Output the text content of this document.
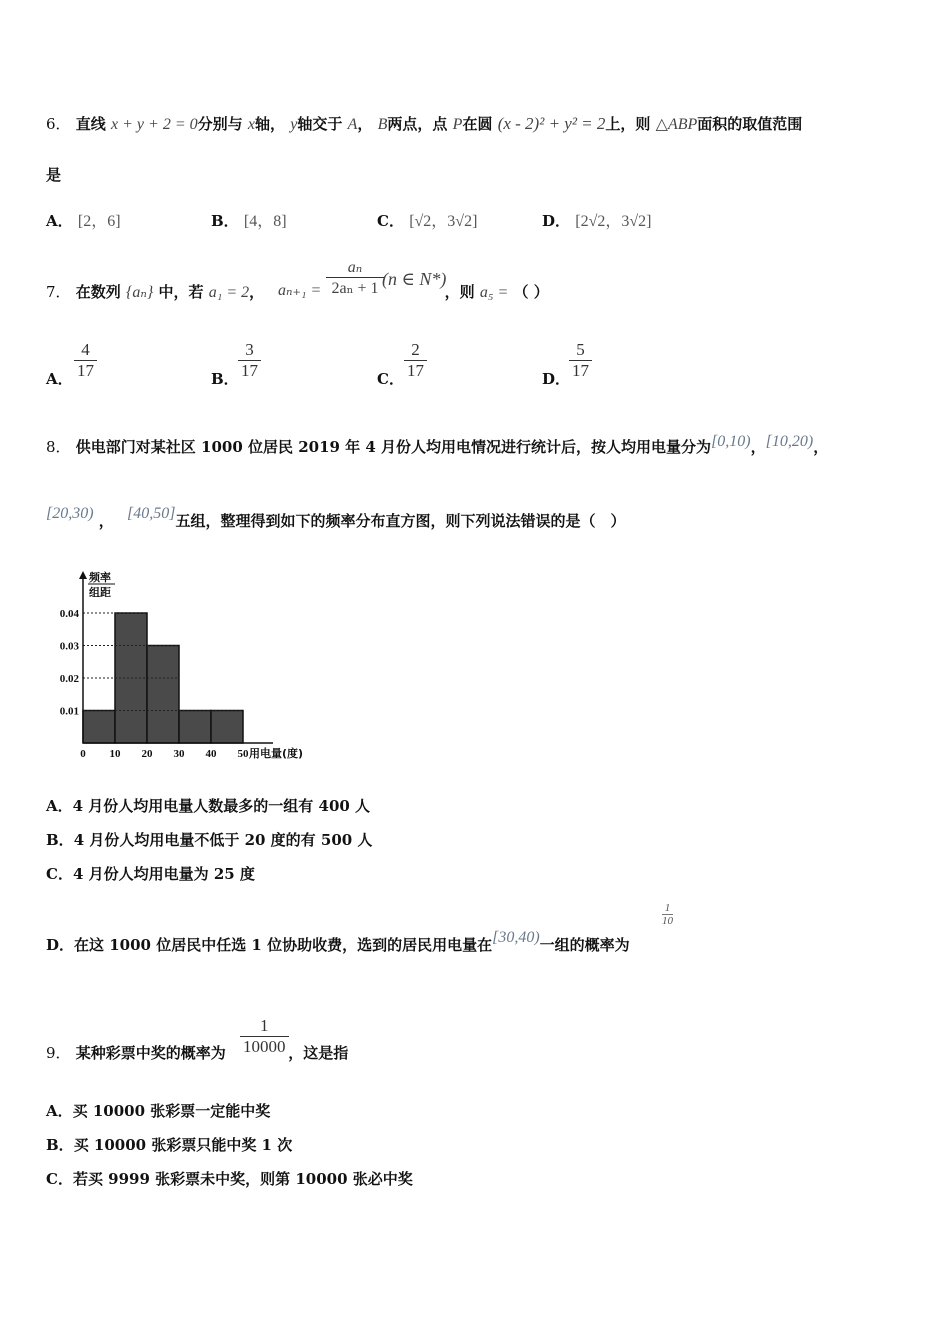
6． 直线 x + y + 2 = 0分别与 x轴， y轴交于 A， B两点，点 P在圆 (x - 2)² + y² = 2上，则 △ABP面积的取值范围
是
A． [2，6]	B． [4，8]	C． [√2，3√2]	D． [2√2，3√2]
7． 在数列 {aₙ} 中，若 a₁ = 2，	，则 a₅ = （ ）
aₙ₊₁ =
aₙ
2aₙ + 1 (n ∈ N*)
A． $\frac{4}{17}$	B． $\frac{3}{17}$	C． $\frac{2}{17}$	D．
$\frac{5}{17}$
8． 供电部门对某社区 1000 位居民 2019 年 4 月份人均用电情况进行统计后，按人均用电量分为[0,10)，[10,20)，
[20,30) ， [40,50]五组，整理得到如下的频率分布直方图，则下列说法错误的是（　）
0.01
0.02
0.03
0.04
0 10 20 30 40 50 用电量(度)
频率
组距
A．4 月份人均用电量人数最多的一组有 400 人
B．4 月份人均用电量不低于 20 度的有 500 人
C．4 月份人均用电量为 25 度
D．在这 1000 位居民中任选 1 位协助收费，选到的居民用电量在[30,40)一组的概率为
1
10
9． 某种彩票中奖的概率为	，这是指
$\frac{1}{10000}$
A．买 10000 张彩票一定能中奖
B．买 10000 张彩票只能中奖 1 次
C．若买 9999 张彩票未中奖，则第 10000 张必中奖
